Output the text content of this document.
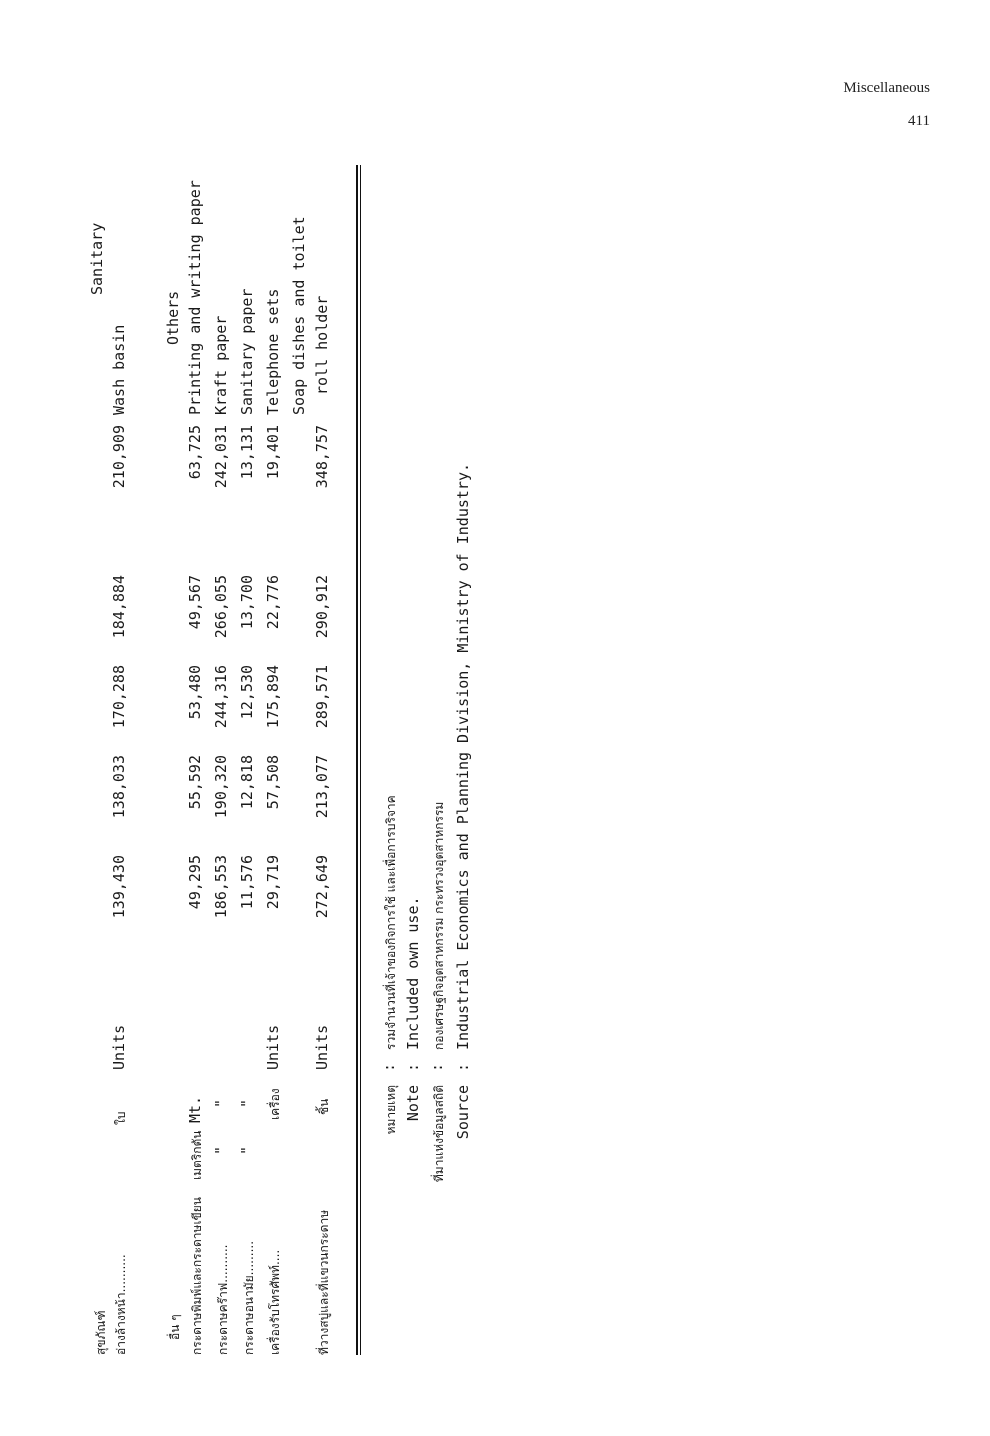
Miscellaneous
411
สุขภัณฑ์
Sanitary
อ่างล้างหน้า..........
ใบ
Units
139,430
138,033
170,288
184,884
210,909
Wash basin
อื่น ๆ
Others
กระดาษพิมพ์และกระดาษเขียน
เมตริกตัน
Mt.
49,295
55,592
53,480
49,567
63,725
Printing and writing paper
กระดาษคร๊าฟ..........
"
"
186,553
190,320
244,316
266,055
242,031
Kraft paper
กระดาษอนามัย.........
"
"
11,576
12,818
12,530
13,700
13,131
Sanitary paper
เครื่องรับโทรศัพท์....
เครื่อง
Units
29,719
57,508
175,894
22,776
19,401
Telephone sets Soap dishes and toilet
ที่วางสบู่และที่แขวนกระดาษ
ชิ้น
Units
272,649
213,077
289,571
290,912
348,757
roll holder
หมายเหตุ
:
รวมจำนวนที่เจ้าของกิจการใช้ และเพื่อการบริจาค
Note
:
Included own use.
ที่มาแห่งข้อมูลสถิติ
:
กองเศรษฐกิจอุตสาหกรรม กระทรวงอุตสาหกรรม
Source
:
Industrial Economics and Planning Division, Ministry of Industry.
